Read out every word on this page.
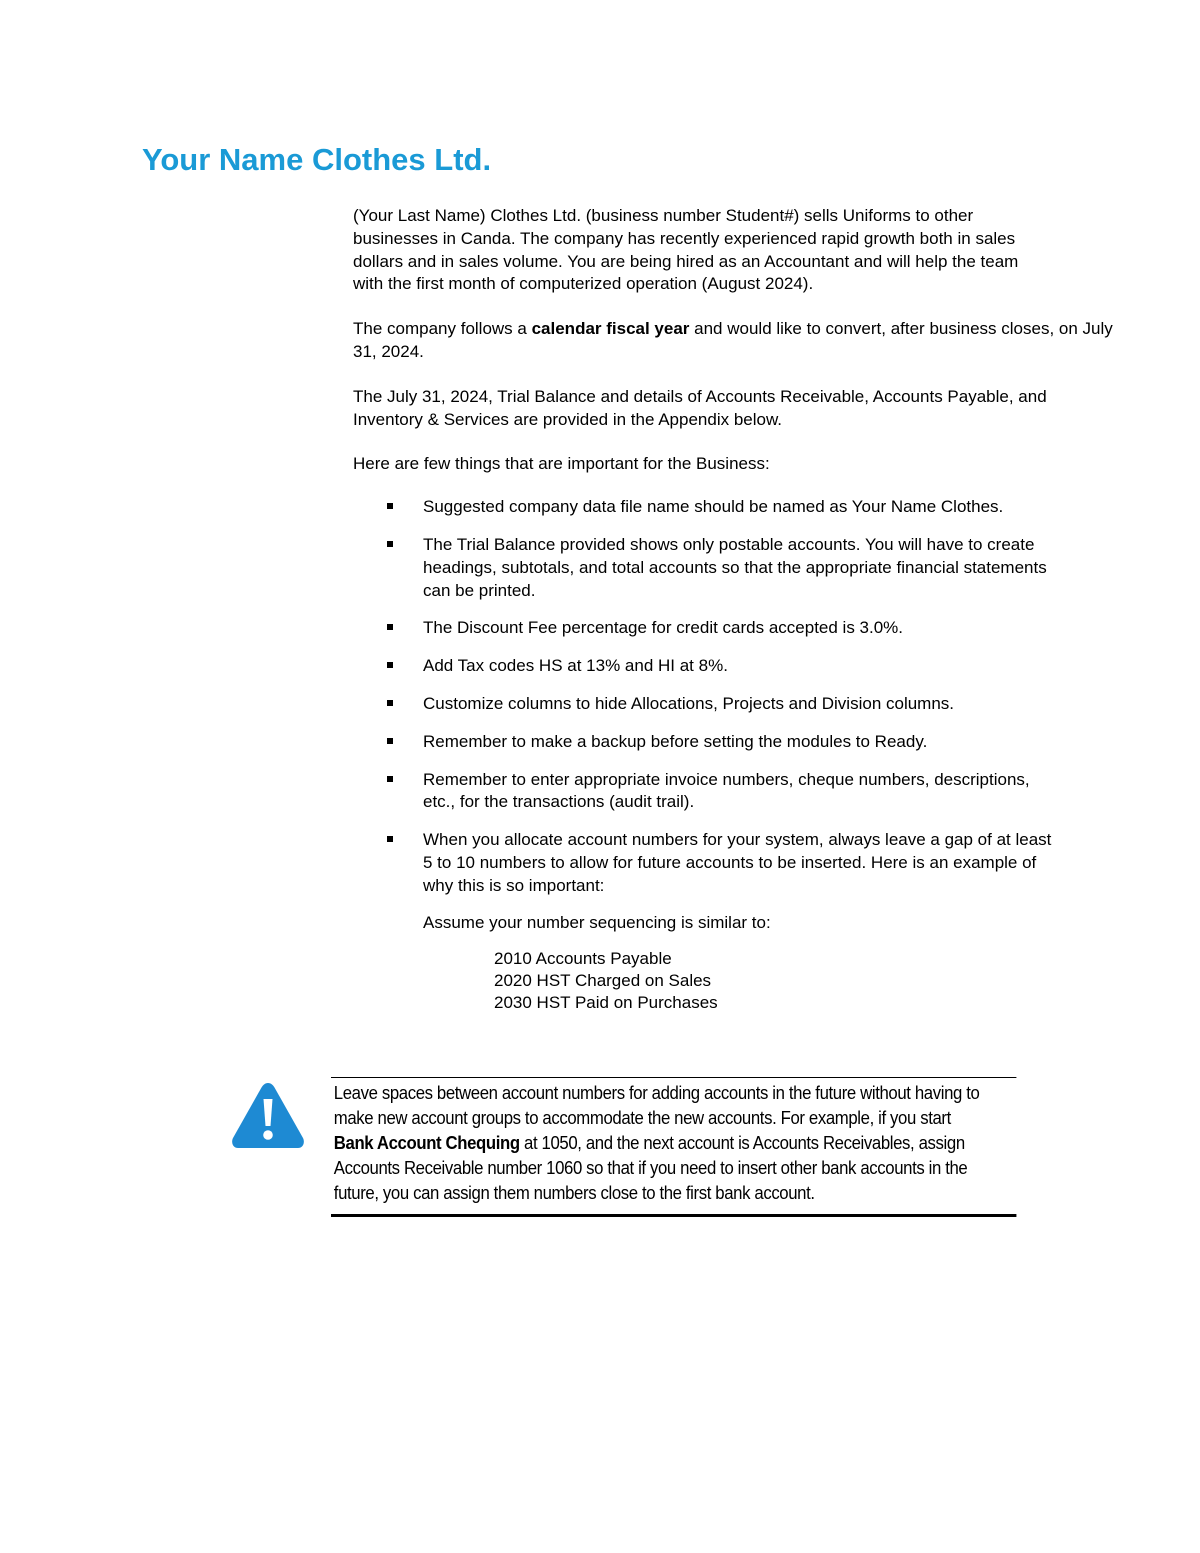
Your Name Clothes Ltd.

(Your Last Name) Clothes Ltd. (business number Student#) sells Uniforms to other businesses in Canda. The company has recently experienced rapid growth both in sales dollars and in sales volume. You are being hired as an Accountant and will help the team with the first month of computerized operation (August 2024).

The company follows a calendar fiscal year and would like to convert, after business closes, on July 31, 2024.

The July 31, 2024, Trial Balance and details of Accounts Receivable, Accounts Payable, and Inventory & Services are provided in the Appendix below.

Here are few things that are important for the Business:

Suggested company data file name should be named as Your Name Clothes.
The Trial Balance provided shows only postable accounts. You will have to create headings, subtotals, and total accounts so that the appropriate financial statements can be printed.
The Discount Fee percentage for credit cards accepted is 3.0%.
Add Tax codes HS at 13% and HI at 8%.
Customize columns to hide Allocations, Projects and Division columns.
Remember to make a backup before setting the modules to Ready.
Remember to enter appropriate invoice numbers, cheque numbers, descriptions, etc., for the transactions (audit trail).
When you allocate account numbers for your system, always leave a gap of at least 5 to 10 numbers to allow for future accounts to be inserted. Here is an example of why this is so important:

Assume your number sequencing is similar to:

2010 Accounts Payable
2020 HST Charged on Sales
2030 HST Paid on Purchases

Leave spaces between account numbers for adding accounts in the future without having to make new account groups to accommodate the new accounts. For example, if you start Bank Account Chequing at 1050, and the next account is Accounts Receivables, assign Accounts Receivable number 1060 so that if you need to insert other bank accounts in the future, you can assign them numbers close to the first bank account.
